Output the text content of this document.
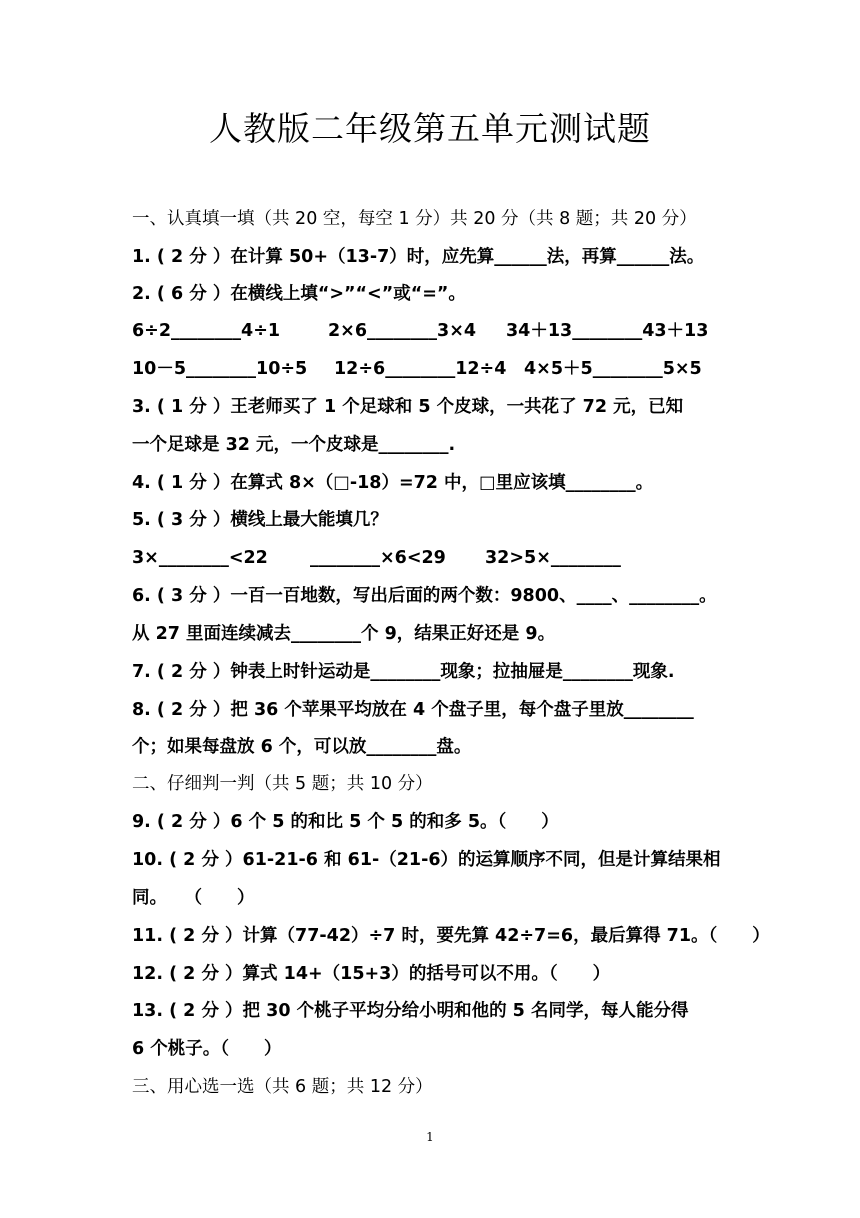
人教版二年级第五单元测试题
一、认真填一填（共 20 空，每空 1 分）共 20 分（共 8 题；共 20 分）
1. ( 2 分 ）在计算 50+（13-7）时，应先算______法，再算______法。
2. ( 6 分 ）在横线上填“>”“<”或“=”。
6÷2________4÷1	2×6________3×4 34＋13________43＋13
10－5________10÷5 12÷6________12÷4 4×5＋5________5×5
3. ( 1 分 ）王老师买了 1 个足球和 5 个皮球，一共花了 72 元，已知
一个足球是 32 元，一个皮球是________.
4. ( 1 分 ）在算式 8×（□-18）=72 中，□里应该填________。
5. ( 3 分 ）横线上最大能填几？
3×________<22 ________×6<29 32>5×________
6. ( 3 分 ）一百一百地数，写出后面的两个数：9800、____、________。
从 27 里面连续减去________个 9，结果正好还是 9。
7. ( 2 分 ）钟表上时针运动是________现象；拉抽屉是________现象.
8. ( 2 分 ）把 36 个苹果平均放在 4 个盘子里，每个盘子里放________
个；如果每盘放 6 个，可以放________盘。
二、仔细判一判（共 5 题；共 10 分）
9. ( 2 分 ）6 个 5 的和比 5 个 5 的和多 5。（　　）
10. ( 2 分 ）61-21-6 和 61-（21-6）的运算顺序不同，但是计算结果相
同。　　（　　）
11. ( 2 分 ）计算（77-42）÷7 时，要先算 42÷7=6，最后算得 71。（　　）
12. ( 2 分 ）算式 14+（15+3）的括号可以不用。（　　）
13. ( 2 分 ）把 30 个桃子平均分给小明和他的 5 名同学，每人能分得
6 个桃子。（　　）
三、用心选一选（共 6 题；共 12 分）
1
